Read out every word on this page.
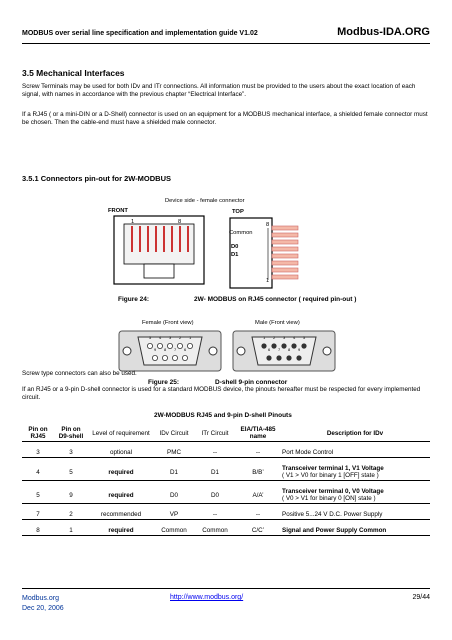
MODBUS over serial line specification and implementation guide V1.02	Modbus-IDA.ORG
3.5 Mechanical Interfaces
Screw Terminals may be used for both IDv and ITr connections. All information must be provided to the users about the exact location of each signal, with names in accordance with the previous chapter “Electrical Interface”.
If a RJ45 ( or a mini-DIN or a D-Shell) connector is used on an equipment for a MODBUS mechanical interface, a shielded female connector must be chosen. Then the cable-end must have a shielded male connector.
3.5.1 Connectors pin-out for 2W-MODBUS
Device side - female connector
FRONT
1	8
TOP
Common
D0
D1
8
1
Figure 24:	2W- MODBUS on RJ45 connector ( required pin-out )
Female (Front view)	Male (Front view)
5 4 3 2 1
9 8 7 6
1 2 3 4 5
6 7 8 9
Figure 25:	D-shell 9-pin connector
Screw type connectors can also be used.
If an RJ45 or a 9-pin D-shell connector is used for a standard MODBUS device, the pinouts hereafter must be respected for every implemented circuit.
2W-MODBUS RJ45 and 9-pin D-shell Pinouts
Pin on RJ45	Pin on D9-shell	Level of requirement	IDv Circuit	ITr Circuit	EIA/TIA-485 name	Description for IDv

3	3	optional	PMC	--	--	Port Mode Control

4	5	required	D1	D1	B/B’	Transceiver terminal 1, V1 Voltage
( V1 > V0 for binary 1 [OFF] state )

5	9	required	D0	D0	A/A’	Transceiver terminal 0, V0 Voltage
( V0 > V1 for binary 0 [ON] state )

7	2	recommended	VP	--	--	Positive 5...24 V D.C. Power Supply

8	1	required	Common	Common	C/C’	Signal and Power Supply Common

Modbus.org
Dec 20, 2006
http://www.modbus.org/	29/44
